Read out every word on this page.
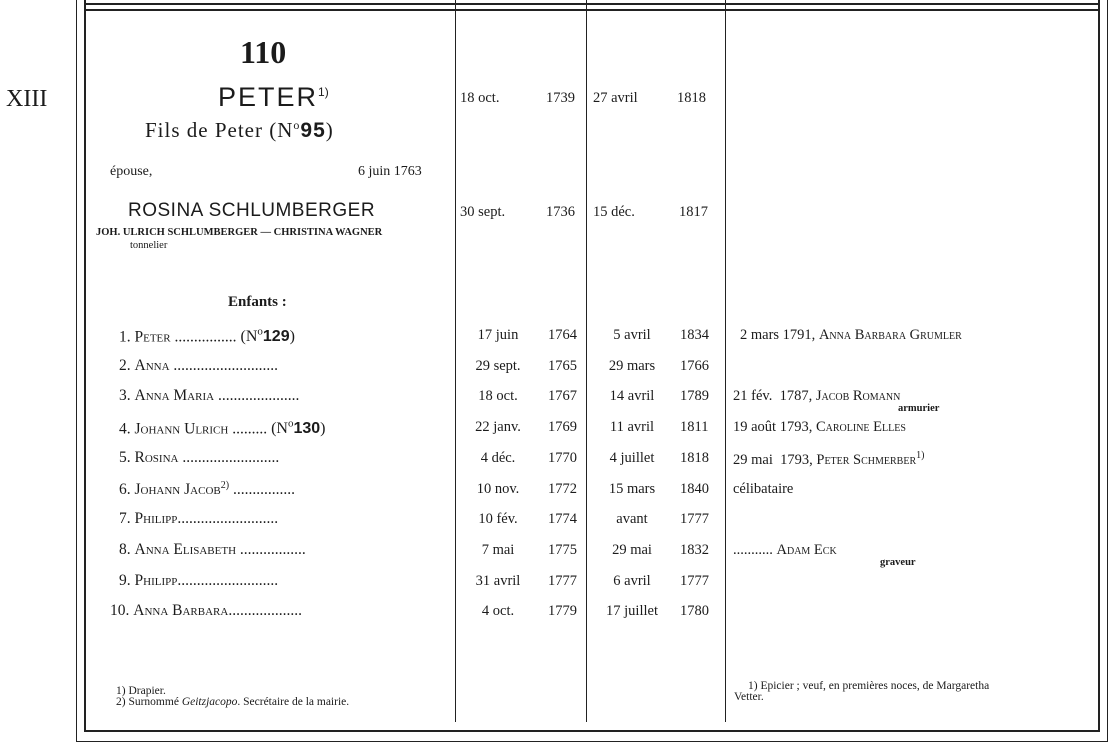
XIII
110
PETER$^{1)}$
Fils de Peter $(N^o95)$
18 oct.	1739 27 avril	1818
épouse,	6 juin 1763
ROSINA SCHLUMBERGER
JOH. ULRICH SCHLUMBERGER — CHRISTINA WAGNER
tonnelier
30 sept.	1736 15 déc.	1817
Enfants :
1. Peter ................ $(N^o129)$	17 juin	1764	5 avril	1834 2 mars 1791, Anna Barbara Grumler
2. Anna ...........................	29 sept.	1765	29 mars	1766
3. Anna Maria .....................	18 oct.	1767	14 avril	1789 21 fév.  1787, Jacob Romann
armurier
4. Johann Ulrich ......... $(N^o130)$	22 janv.	1769	11 avril	1811 19 août 1793, Caroline Elles
5. Rosina .........................	4 déc.	1770	4 juillet	1818 29 mai  1793, Peter Schmerber$^{1)}$
6. Johann Jacob$^{2)}$ ................	10 nov.	1772	15 mars	1840 célibataire
7. Philipp..........................	10 fév.	1774	avant	1777
8. Anna Elisabeth .................	7 mai	1775	29 mai	1832 ........... Adam Eck
graveur
9. Philipp..........................	31 avril	1777	6 avril	1777
10. Anna Barbara...................	4 oct.	1779	17 juillet	1780
1) Drapier.
2) Surnommé Geitzjacopo. Secrétaire de la mairie.
1) Epicier ; veuf, en premières noces, de Margaretha
Vetter.
